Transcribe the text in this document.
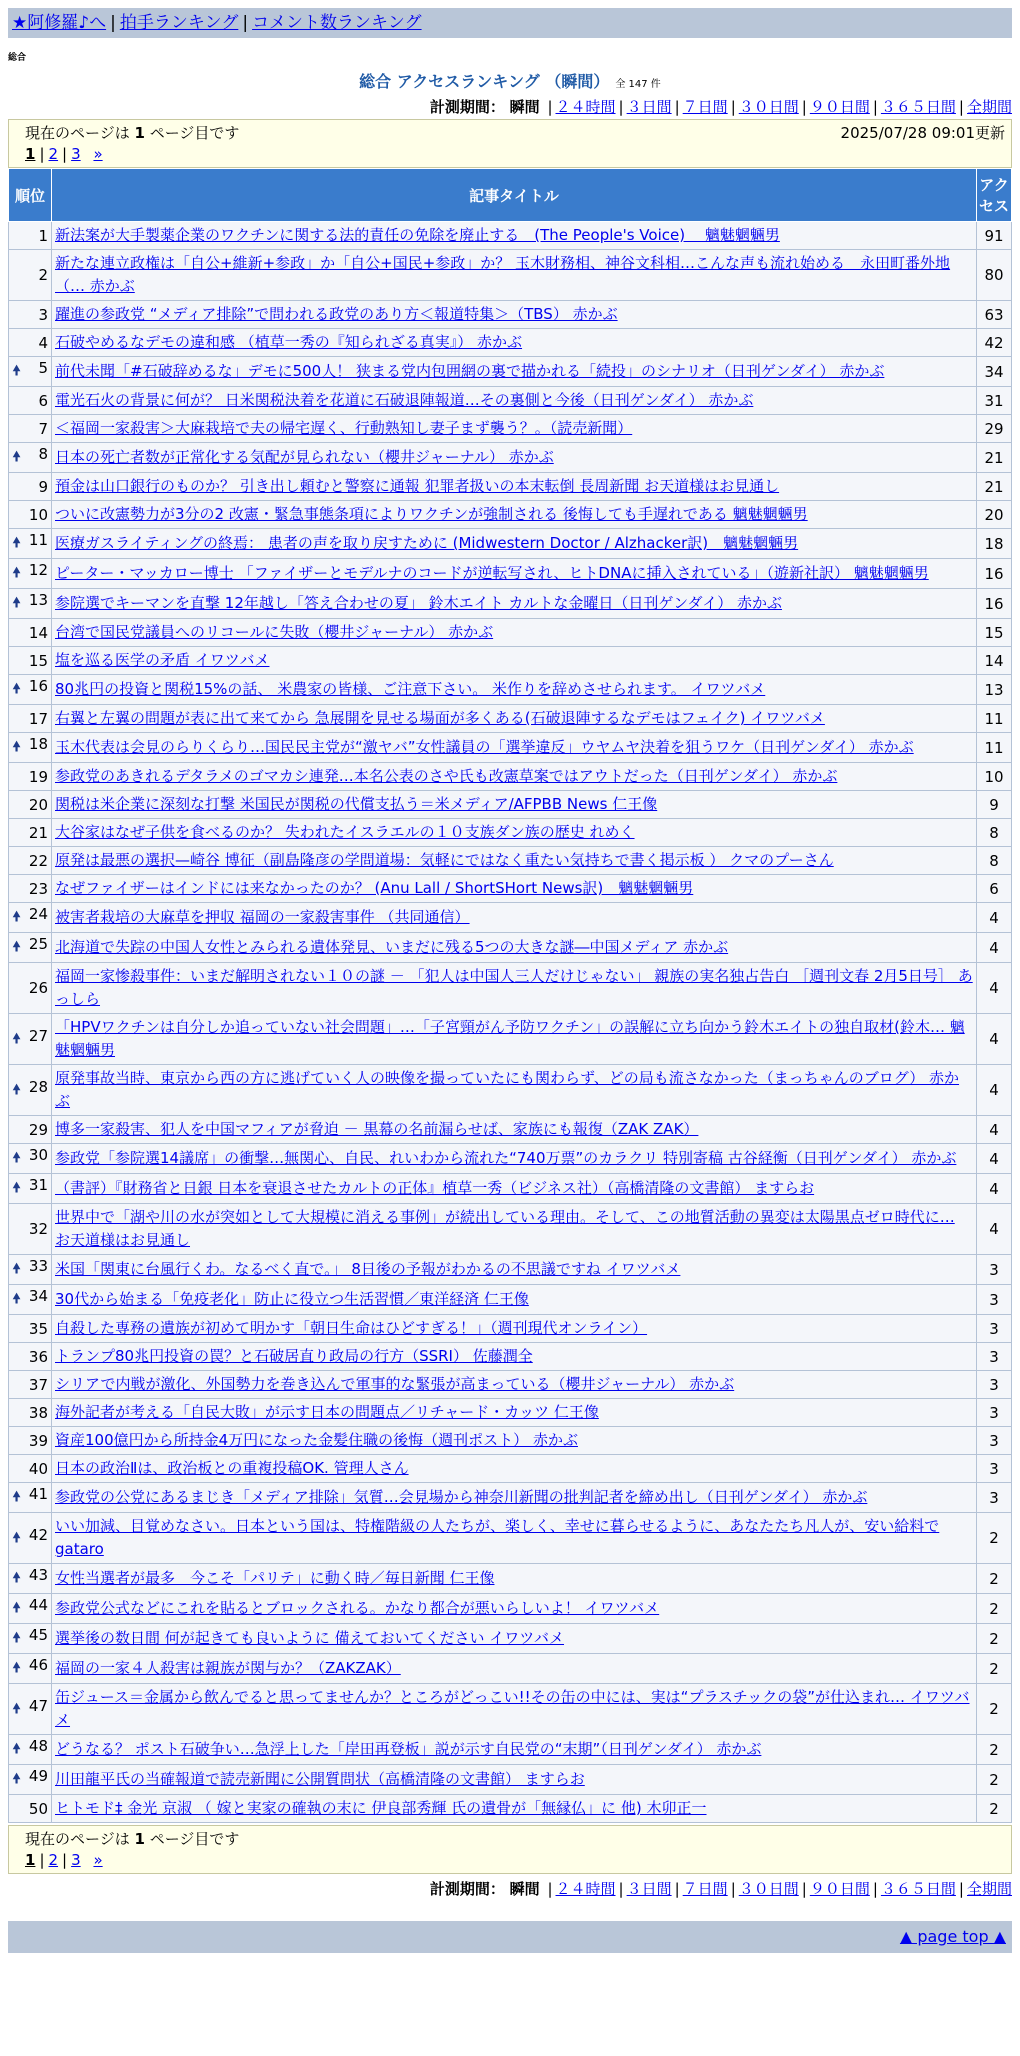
★阿修羅♪へ | 拍手ランキング | コメント数ランキング
総合
総合 アクセスランキング （瞬間） 全 147 件
計測期間： 瞬間 | ２４時間 | ３日間 | ７日間 | ３０日間 | ９０日間 | ３６５日間 | 全期間
現在のページは 1 ページ目です	2025/07/28 09:01更新
1 | 2 | 3 »
順位	記事タイトル	アクセス
1	新法案が大手製薬企業のワクチンに関する法的責任の免除を廃止する　(The People's Voice)　 魑魅魍魎男	91
2	新たな連立政権は「自公+維新+参政」か「自公+国民+参政」か？ 玉木財務相、神谷文科相…こんな声も流れ始める　永田町番外地（… 赤かぶ	80
3	躍進の参政党 “メディア排除”で問われる政党のあり方＜報道特集＞（TBS） 赤かぶ	63
4	石破やめるなデモの違和感 （植草一秀の『知られざる真実』） 赤かぶ	42

🠝 5	前代未聞「#石破辞めるな」デモに500人！ 狭まる党内包囲網の裏で描かれる「続投」のシナリオ（日刊ゲンダイ） 赤かぶ	34
6	電光石火の背景に何が？ 日米関税決着を花道に石破退陣報道…その裏側と今後（日刊ゲンダイ） 赤かぶ	31
7	＜福岡一家殺害＞大麻栽培で夫の帰宅遅く、行動熟知し妻子まず襲う？。（読売新聞）	29

🠝 8	日本の死亡者数が正常化する気配が見られない（櫻井ジャーナル） 赤かぶ	21
9	預金は山口銀行のものか？ 引き出し頼むと警察に通報 犯罪者扱いの本末転倒 長周新聞 お天道様はお見通し	21
10	ついに改憲勢力が3分の2 改憲・緊急事態条項によりワクチンが強制される 後悔しても手遅れである 魑魅魍魎男	20

🠝 11	医療ガスライティングの終焉： 患者の声を取り戻すために (Midwestern Doctor / Alzhacker訳)　魑魅魍魎男	18

🠝 12	ピーター・マッカロー博士 「ファイザーとモデルナのコードが逆転写され、ヒトDNAに挿入されている」（遊新社訳） 魑魅魍魎男	16

🠝 13	参院選でキーマンを直撃 12年越し「答え合わせの夏」 鈴木エイト カルトな金曜日（日刊ゲンダイ） 赤かぶ	16
14	台湾で国民党議員へのリコールに失敗（櫻井ジャーナル） 赤かぶ	15
15	塩を巡る医学の矛盾 イワツバメ	14

🠝 16	80兆円の投資と関税15%の話、 米農家の皆様、ご注意下さい。 米作りを辞めさせられます。 イワツバメ	13
17	右翼と左翼の問題が表に出て来てから 急展開を見せる場面が多くある(石破退陣するなデモはフェイク) イワツバメ	11

🠝 18	玉木代表は会見のらりくらり…国民民主党が“激ヤバ”女性議員の「選挙違反」ウヤムヤ決着を狙うワケ（日刊ゲンダイ） 赤かぶ	11
19	参政党のあきれるデタラメのゴマカシ連発…本名公表のさや氏も改憲草案ではアウトだった（日刊ゲンダイ） 赤かぶ	10
20	関税は米企業に深刻な打撃 米国民が関税の代償支払う＝米メディア/AFPBB News 仁王像	9
21	大谷家はなぜ子供を食べるのか？ 失われたイスラエルの１０支族ダン族の歴史 れめく	8
22	原発は最悪の選択—崎谷 博征（副島隆彦の学問道場：気軽にではなく重たい気持ちで書く掲示板 ） クマのプーさん	8
23	なぜファイザーはインドには来なかったのか？ (Anu Lall / ShortSHort News訳)　魑魅魍魎男	6

🠝 24	被害者栽培の大麻草を押収 福岡の一家殺害事件 （共同通信）	4

🠝 25	北海道で失踪の中国人女性とみられる遺体発見、いまだに残る5つの大きな謎―中国メディア 赤かぶ	4
26	福岡一家惨殺事件：いまだ解明されない１０の謎 － 「犯人は中国人三人だけじゃない」 親族の実名独占告白 ［週刊文春 2月5日号］ あっしら	4

🠝 27	「HPVワクチンは自分しか追っていない社会問題」…「子宮頸がん予防ワクチン」の誤解に立ち向かう鈴木エイトの独自取材(鈴木… 魑魅魍魎男	4

🠝 28	原発事故当時、東京から西の方に逃げていく人の映像を撮っていたにも関わらず、どの局も流さなかった（まっちゃんのブログ） 赤かぶ	4
29	博多一家殺害、犯人を中国マフィアが脅迫 － 黒幕の名前漏らせば、家族にも報復（ZAK ZAK）	4

🠝 30	参政党「参院選14議席」の衝撃…無関心、自民、れいわから流れた“740万票”のカラクリ 特別寄稿 古谷経衡（日刊ゲンダイ） 赤かぶ	4

🠝 31	（書評）『財務省と日銀 日本を衰退させたカルトの正体』植草一秀（ビジネス社）（高橋清隆の文書館） ますらお	4
32	世界中で「湖や川の水が突如として大規模に消える事例」が続出している理由。そして、この地質活動の異変は太陽黒点ゼロ時代に… お天道様はお見通し	4

🠝 33	米国「関東に台風行くわ。なるべく直で。」 8日後の予報がわかるの不思議ですね イワツバメ	3

🠝 34	30代から始まる「免疫老化」防止に役立つ生活習慣／東洋経済 仁王像	3
35	自殺した専務の遺族が初めて明かす「朝日生命はひどすぎる！」（週刊現代オンライン）	3
36	トランプ80兆円投資の罠？と石破居直り政局の行方（SSRI） 佐藤潤全	3
37	シリアで内戦が激化、外国勢力を巻き込んで軍事的な緊張が高まっている（櫻井ジャーナル） 赤かぶ	3
38	海外記者が考える「自民大敗」が示す日本の問題点／リチャード・カッツ 仁王像	3
39	資産100億円から所持金4万円になった金髪住職の後悔（週刊ポスト） 赤かぶ	3
40	日本の政治Ⅱは、政治板との重複投稿OK. 管理人さん	3

🠝 41	参政党の公党にあるまじき「メディア排除」気質…会見場から神奈川新聞の批判記者を締め出し（日刊ゲンダイ） 赤かぶ	3

🠝 42	いい加減、目覚めなさい。日本という国は、特権階級の人たちが、楽しく、幸せに暮らせるように、あなたたち凡人が、安い給料で gataro	2

🠝 43	女性当選者が最多　今こそ「パリテ」に動く時／毎日新聞 仁王像	2

🠝 44	参政党公式などにこれを貼るとブロックされる。かなり都合が悪いらしいよ！ イワツバメ	2

🠝 45	選挙後の数日間 何が起きても良いように 備えておいてください イワツバメ	2

🠝 46	福岡の一家４人殺害は親族が関与か？（ZAKZAK）	2

🠝 47	缶ジュース＝金属から飲んでると思ってませんか？ところがどっこい!!その缶の中には、実は“プラスチックの袋”が仕込まれ… イワツバメ	2

🠝 48	どうなる？ ポスト石破争い…急浮上した「岸田再登板」説が示す自民党の“末期”（日刊ゲンダイ） 赤かぶ	2

🠝 49	川田龍平氏の当確報道で読売新聞に公開質問状（高橋清隆の文書館） ますらお	2
50	ヒトモド‡ 金光 京淑 （ 嫁と実家の確執の末に 伊良部秀輝 氏の遺骨が「無縁仏」に 他) 木卯正一	2
現在のページは 1 ページ目です
1 | 2 | 3 »
計測期間： 瞬間 | ２４時間 | ３日間 | ７日間 | ３０日間 | ９０日間 | ３６５日間 | 全期間
▲ page top ▲
